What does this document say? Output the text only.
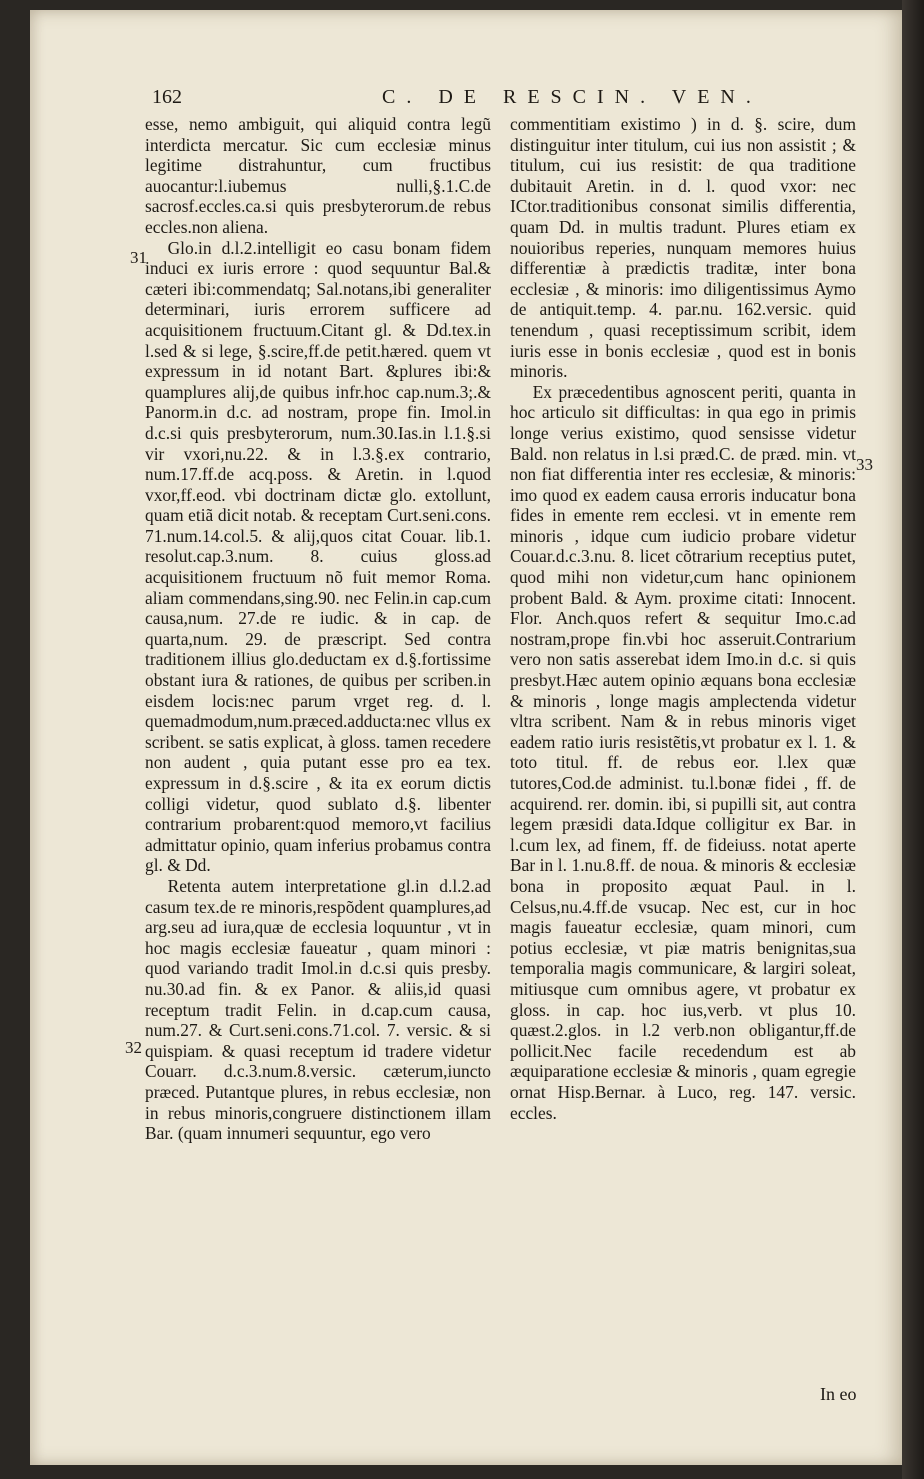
162	C. DE RESCIN. VEN.

esse, nemo ambiguit, qui aliquid contra legũ interdicta mercatur. Sic cum ecclesiæ minus legitime distrahuntur, cum fructibus auocantur:l.iubemus nulli,§.1.C.de sacrosf.eccles.ca.si quis presbyterorum.de rebus eccles.non aliena.

Glo.in d.l.2.intelligit eo casu bonam fidem induci ex iuris errore : quod sequuntur Bal.& cæteri ibi:commendatq; Sal.notans,ibi generaliter determinari, iuris errorem sufficere ad acquisitionem fructuum.Citant gl. & Dd.tex.in l.sed & si lege, §.scire,ff.de petit.hæred. quem vt expressum in id notant Bart. &plures ibi:& quamplures alij,de quibus infr.hoc cap.num.3;.& Panorm.in d.c. ad nostram, prope fin. Imol.in d.c.si quis presbyterorum, num.30.Ias.in l.1.§.si vir vxori,nu.22. & in l.3.§.ex contrario, num.17.ff.de acq.poss. & Aretin. in l.quod vxor,ff.eod. vbi doctrinam dictæ glo. extollunt, quam etiã dicit notab. & receptam Curt.seni.cons. 71.num.14.col.5. & alij,quos citat Couar. lib.1. resolut.cap.3.num. 8. cuius gloss.ad acquisitionem fructuum nõ fuit memor Roma. aliam commendans,sing.90. nec Felin.in cap.cum causa,num. 27.de re iudic. & in cap. de quarta,num. 29. de præscript. Sed contra traditionem illius glo.deductam ex d.§.fortissime obstant iura & rationes, de quibus per scriben.in eisdem locis:nec parum vrget reg. d. l. quemadmodum,num.præced.adducta:nec vllus ex scribent. se satis explicat, à gloss. tamen recedere non audent , quia putant esse pro ea tex. expressum in d.§.scire , & ita ex eorum dictis colligi videtur, quod sublato d.§. libenter contrarium probarent:quod memoro,vt facilius admittatur opinio, quam inferius probamus contra gl. & Dd.

Retenta autem interpretatione gl.in d.l.2.ad casum tex.de re minoris,respõdent quamplures,ad arg.seu ad iura,quæ de ecclesia loquuntur , vt in hoc magis ecclesiæ faueatur , quam minori : quod variando tradit Imol.in d.c.si quis presby. nu.30.ad fin. & ex Panor. & aliis,id quasi receptum tradit Felin. in d.cap.cum causa, num.27. & Curt.seni.cons.71.col. 7. versic. & si quispiam. & quasi receptum id tradere videtur Couarr. d.c.3.num.8.versic. cæterum,iuncto præced. Putantque plures, in rebus ecclesiæ, non in rebus minoris,congruere distinctionem illam Bar. (quam innumeri sequuntur, ego vero

commentitiam existimo ) in d. §. scire, dum distinguitur inter titulum, cui ius non assistit ; & titulum, cui ius resistit: de qua traditione dubitauit Aretin. in d. l. quod vxor: nec ICtor.traditionibus consonat similis differentia, quam Dd. in multis tradunt. Plures etiam ex nouioribus reperies, nunquam memores huius differentiæ à prædictis traditæ, inter bona ecclesiæ , & minoris: imo diligentissimus Aymo de antiquit.temp. 4. par.nu. 162.versic. quid tenendum , quasi receptissimum scribit, idem iuris esse in bonis ecclesiæ , quod est in bonis minoris.

Ex præcedentibus agnoscent periti, quanta in hoc articulo sit difficultas: in qua ego in primis longe verius existimo, quod sensisse videtur Bald. non relatus in l.si præd.C. de præd. min. vt non fiat differentia inter res ecclesiæ, & minoris: imo quod ex eadem causa erroris inducatur bona fides in emente rem ecclesi. vt in emente rem minoris , idque cum iudicio probare videtur Couar.d.c.3.nu. 8. licet cõtrarium receptius putet, quod mihi non videtur,cum hanc opinionem probent Bald. & Aym. proxime citati: Innocent. Flor. Anch.quos refert & sequitur Imo.c.ad nostram,prope fin.vbi hoc asseruit.Contrarium vero non satis asserebat idem Imo.in d.c. si quis presbyt.Hæc autem opinio æquans bona ecclesiæ & minoris , longe magis amplectenda videtur vltra scribent. Nam & in rebus minoris viget eadem ratio iuris resistẽtis,vt probatur ex l. 1. & toto titul. ff. de rebus eor. l.lex quæ tutores,Cod.de administ. tu.l.bonæ fidei , ff. de acquirend. rer. domin. ibi, si pupilli sit, aut contra legem præsidi data.Idque colligitur ex Bar. in l.cum lex, ad finem, ff. de fideiuss. notat aperte Bar in l. 1.nu.8.ff. de noua. & minoris & ecclesiæ bona in proposito æquat Paul. in l. Celsus,nu.4.ff.de vsucap. Nec est, cur in hoc magis faueatur ecclesiæ, quam minori, cum potius ecclesiæ, vt piæ matris benignitas,sua temporalia magis communicare, & largiri soleat, mitiusque cum omnibus agere, vt probatur ex gloss. in cap. hoc ius,verb. vt plus 10. quæst.2.glos. in l.2 verb.non obligantur,ff.de pollicit.Nec facile recedendum est ab æquiparatione ecclesiæ & minoris , quam egregie ornat Hisp.Bernar. à Luco, reg. 147. versic. eccles.

31
32
33
In eo
